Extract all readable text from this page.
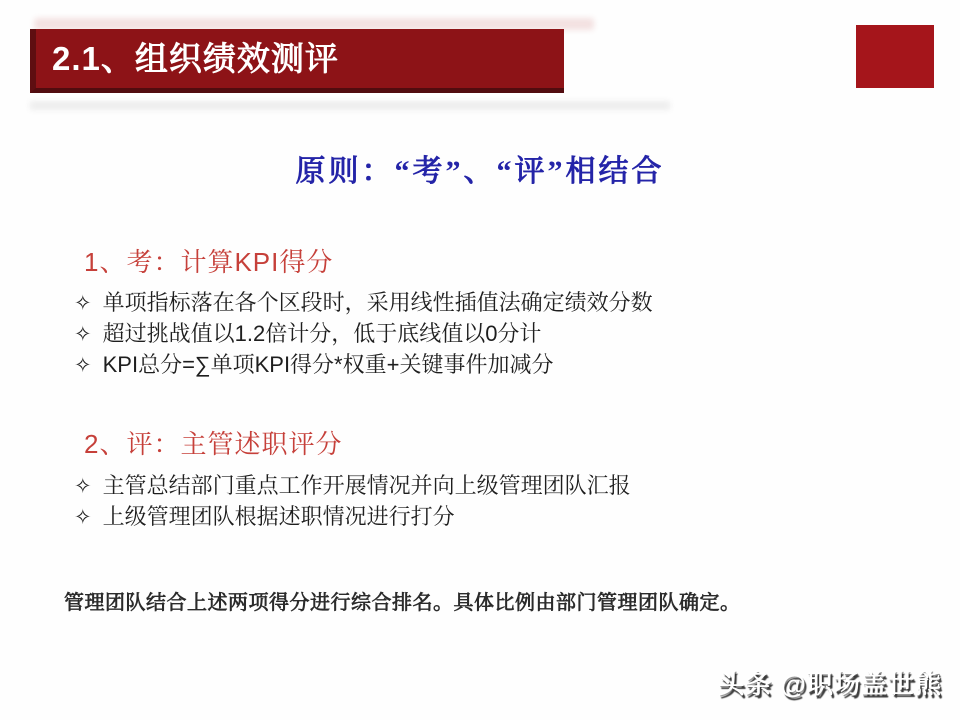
2.1、组织绩效测评
原则：“考”、“评”相结合
1、考：计算KPI得分
✧ 单项指标落在各个区段时，采用线性插值法确定绩效分数
✧ 超过挑战值以1.2倍计分，低于底线值以0分计
✧ KPI总分=∑单项KPI得分*权重+关键事件加减分
2、评：主管述职评分
✧ 主管总结部门重点工作开展情况并向上级管理团队汇报
✧ 上级管理团队根据述职情况进行打分
管理团队结合上述两项得分进行综合排名。具体比例由部门管理团队确定。
头条 @职场盖世熊
